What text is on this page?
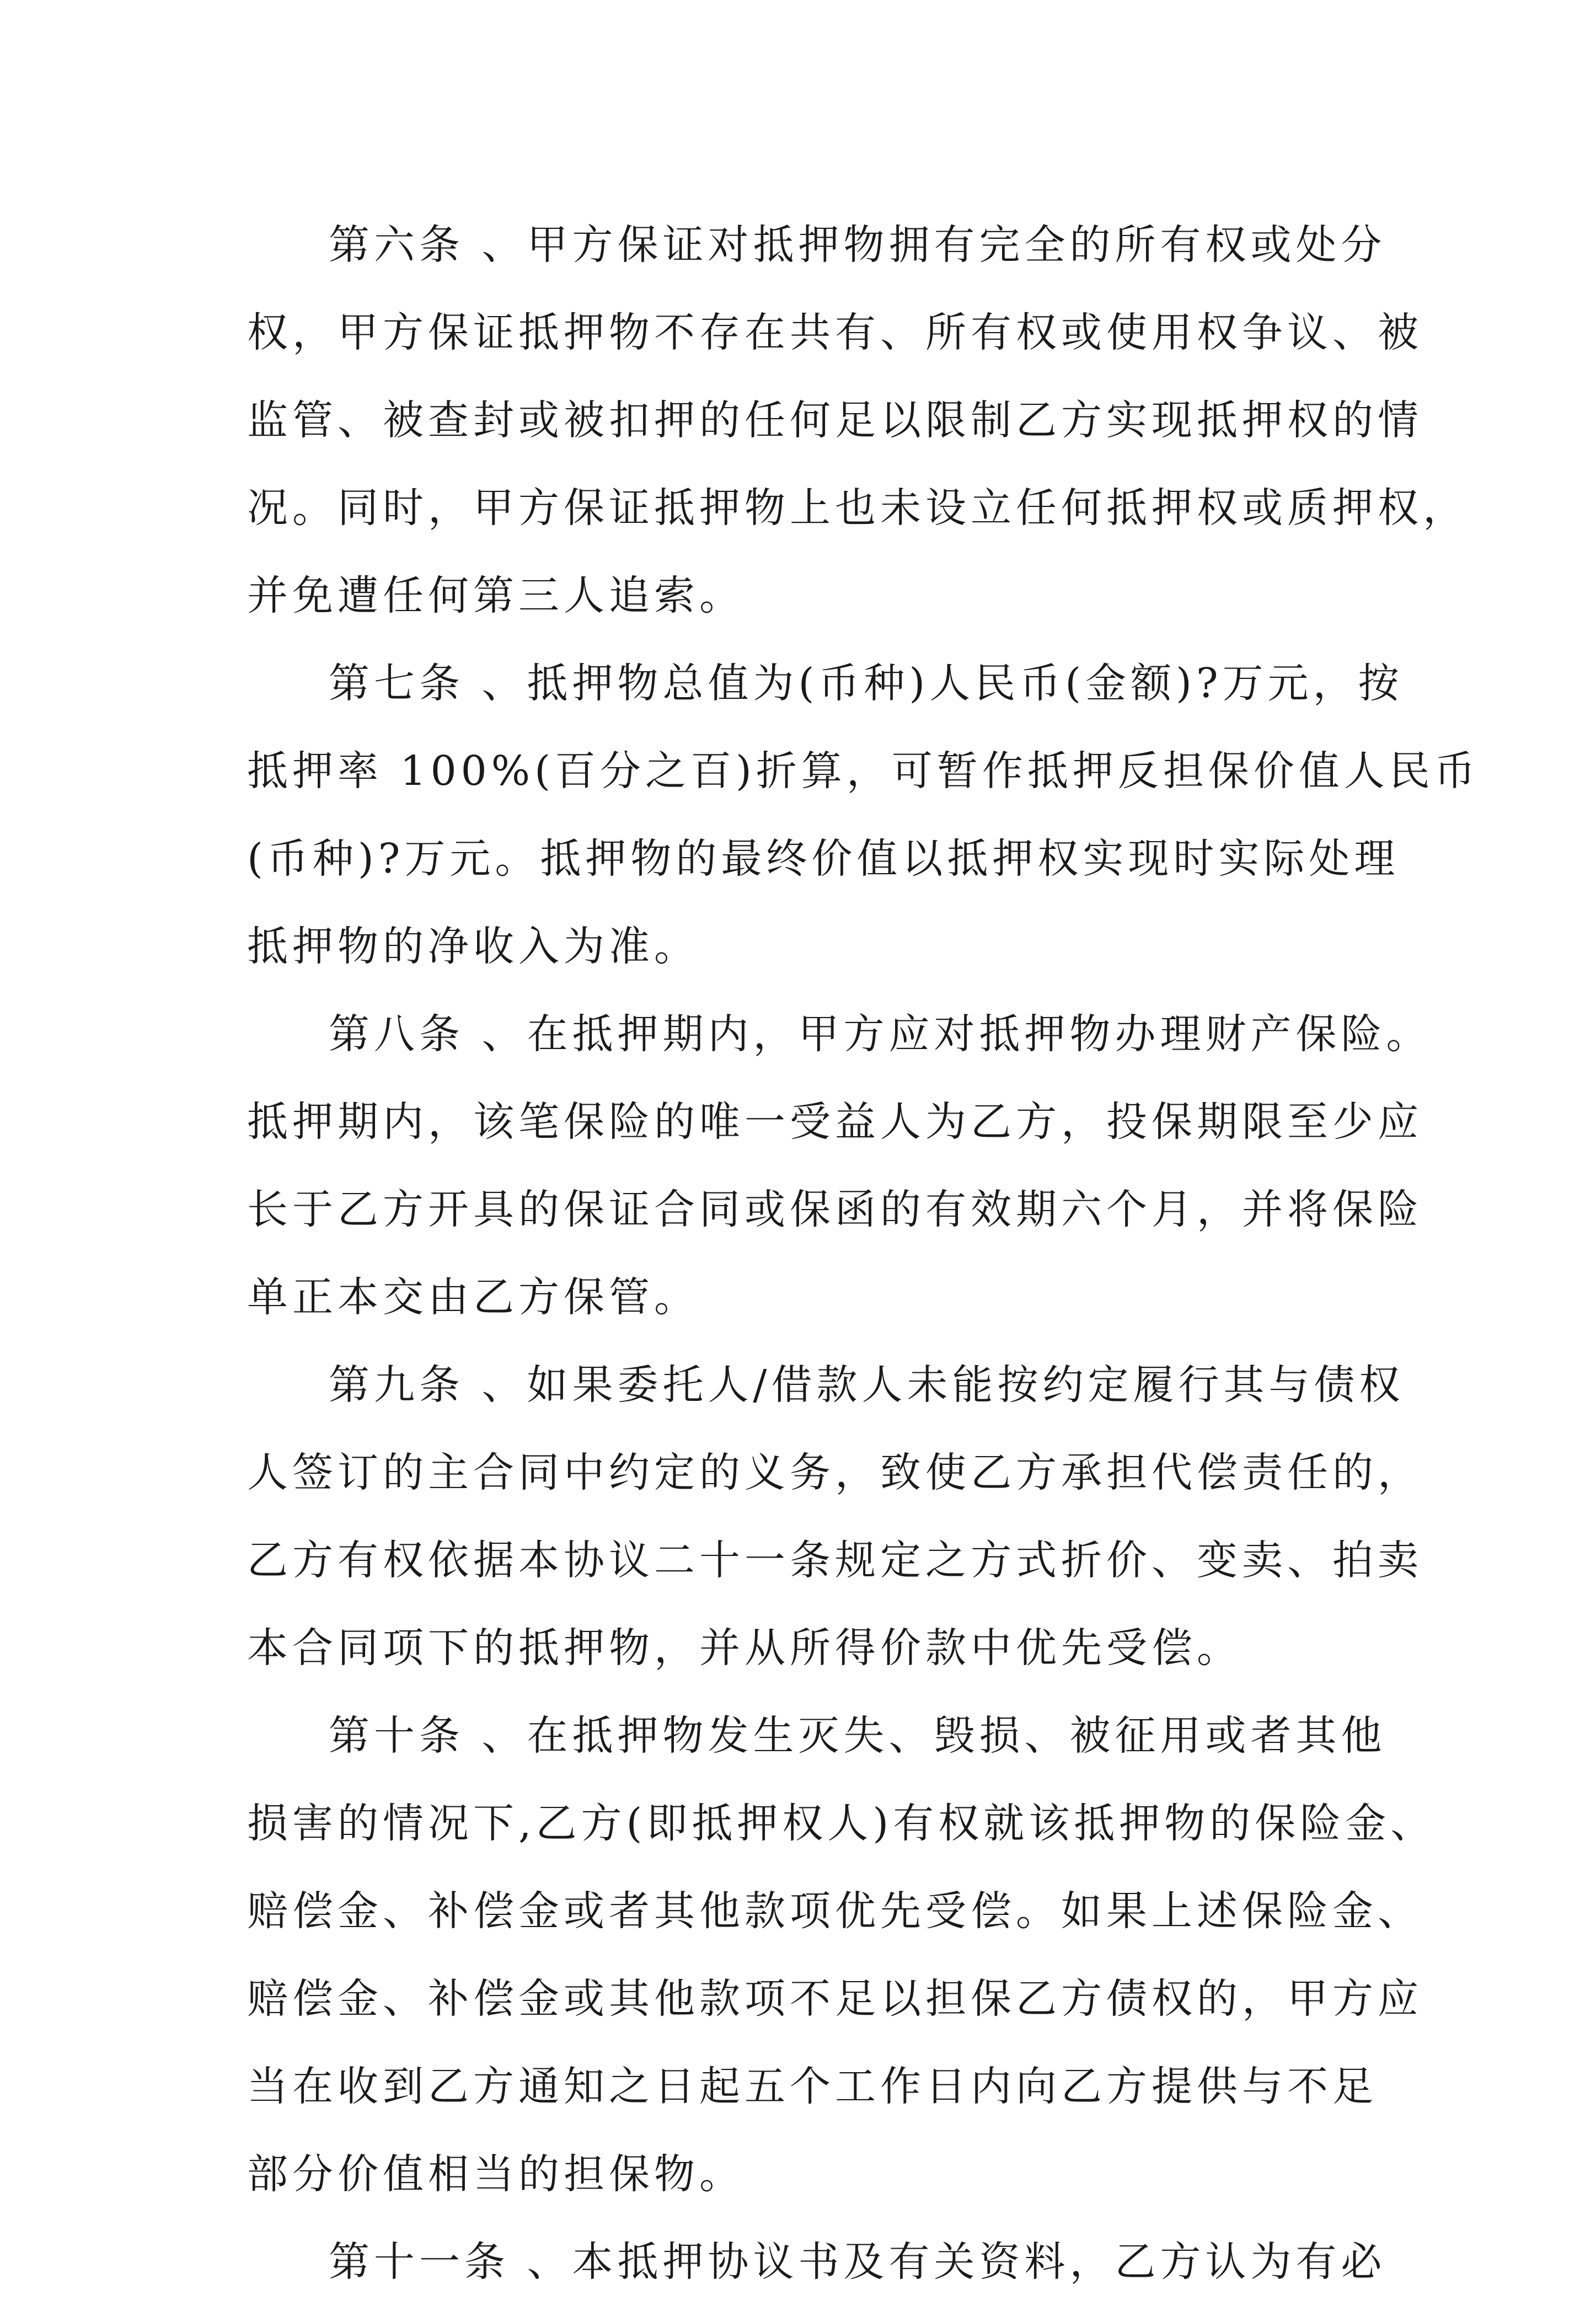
第六条 、甲方保证对抵押物拥有完全的所有权或处分
权，甲方保证抵押物不存在共有、所有权或使用权争议、被
监管、被查封或被扣押的任何足以限制乙方实现抵押权的情
况。同时，甲方保证抵押物上也未设立任何抵押权或质押权，
并免遭任何第三人追索。
第七条 、抵押物总值为(币种)人民币(金额)?万元，按
抵押率 100%(百分之百)折算，可暂作抵押反担保价值人民币
(币种)?万元。抵押物的最终价值以抵押权实现时实际处理
抵押物的净收入为准。
第八条 、在抵押期内，甲方应对抵押物办理财产保险。
抵押期内，该笔保险的唯一受益人为乙方，投保期限至少应
长于乙方开具的保证合同或保函的有效期六个月，并将保险
单正本交由乙方保管。
第九条 、如果委托人/借款人未能按约定履行其与债权
人签订的主合同中约定的义务，致使乙方承担代偿责任的，
乙方有权依据本协议二十一条规定之方式折价、变卖、拍卖
本合同项下的抵押物，并从所得价款中优先受偿。
第十条 、在抵押物发生灭失、毁损、被征用或者其他
损害的情况下,乙方(即抵押权人)有权就该抵押物的保险金、
赔偿金、补偿金或者其他款项优先受偿。如果上述保险金、
赔偿金、补偿金或其他款项不足以担保乙方债权的，甲方应
当在收到乙方通知之日起五个工作日内向乙方提供与不足
部分价值相当的担保物。
第十一条 、本抵押协议书及有关资料，乙方认为有必
